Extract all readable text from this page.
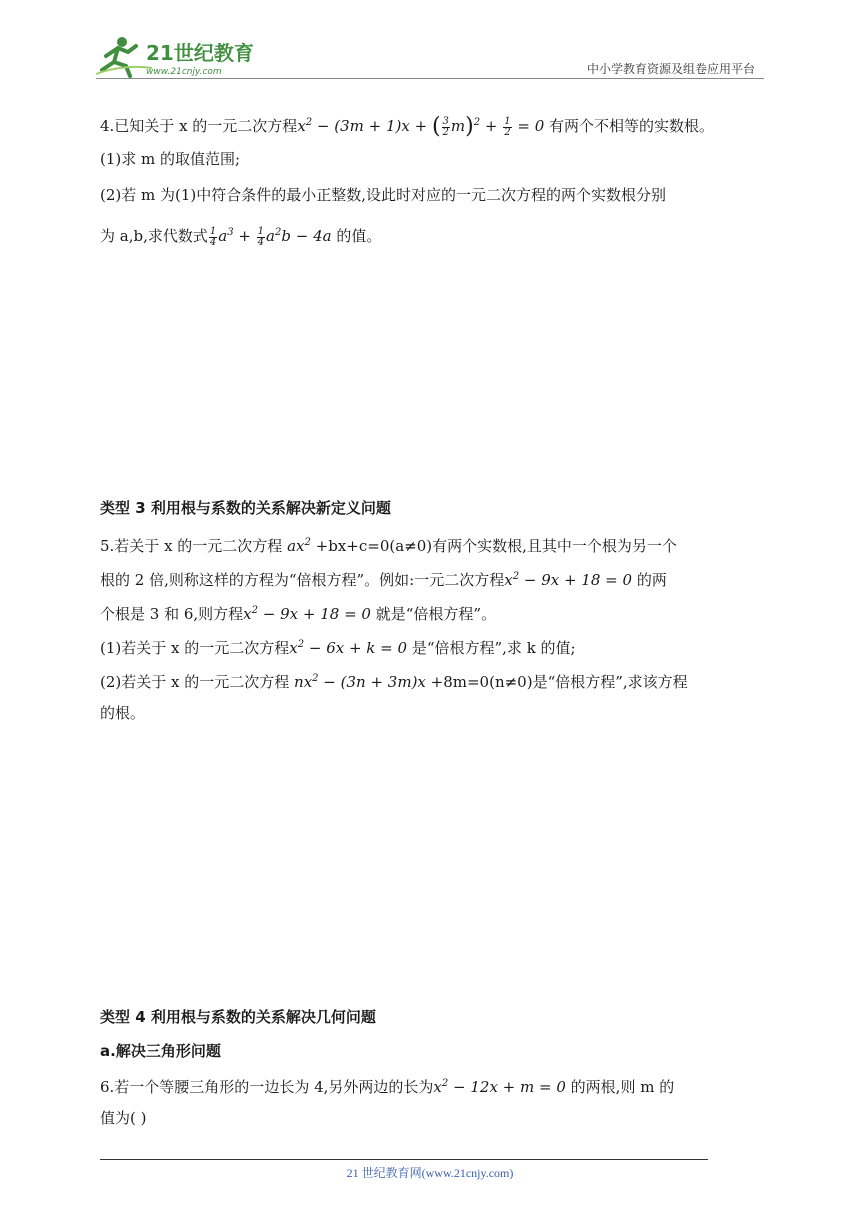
21世纪教育
www.21cnjy.com	中小学教育资源及组卷应用平台
4.已知关于 x 的一元二次方程$x^2 - (3m + 1)x$ + ( $\frac{3}{2} m)^2 + \frac{1}{2} = 0$ 有两个不相等的实数根。
(1)求 m 的取值范围;
(2)若 m 为(1)中符合条件的最小正整数,设此时对应的一元二次方程的两个实数根分别
为 a,b,求代数式 $\frac{1}{4} a^3 + \frac{1}{4} a^2b - 4a$ 的值。
类型 3 利用根与系数的关系解决新定义问题
5.若关于 x 的一元二次方程 $ax^2 +bx+c=0(a\ne 0)$有两个实数根,且其中一个根为另一个
根的 2 倍,则称这样的方程为“倍根方程”。例如:一元二次方程$x^2 - 9x + 18 = 0$ 的两
个根是 3 和 6,则方程$x^2 - 9x + 18 = 0$ 就是“倍根方程”。
(1)若关于 x 的一元二次方程$x^2 - 6x + k = 0$ 是“倍根方程”,求 k 的值;
(2)若关于 x 的一元二次方程 $nx^2 - (3n + 3m)x +8m=0(n\ne 0)$是“倍根方程”,求该方程
的根。
类型 4 利用根与系数的关系解决几何问题
a.解决三角形问题
6.若一个等腰三角形的一边长为 4,另外两边的长为$x^2 - 12x + m = 0$ 的两根,则 m 的
值为( )
21 世纪教育网(www.21cnjy.com)
